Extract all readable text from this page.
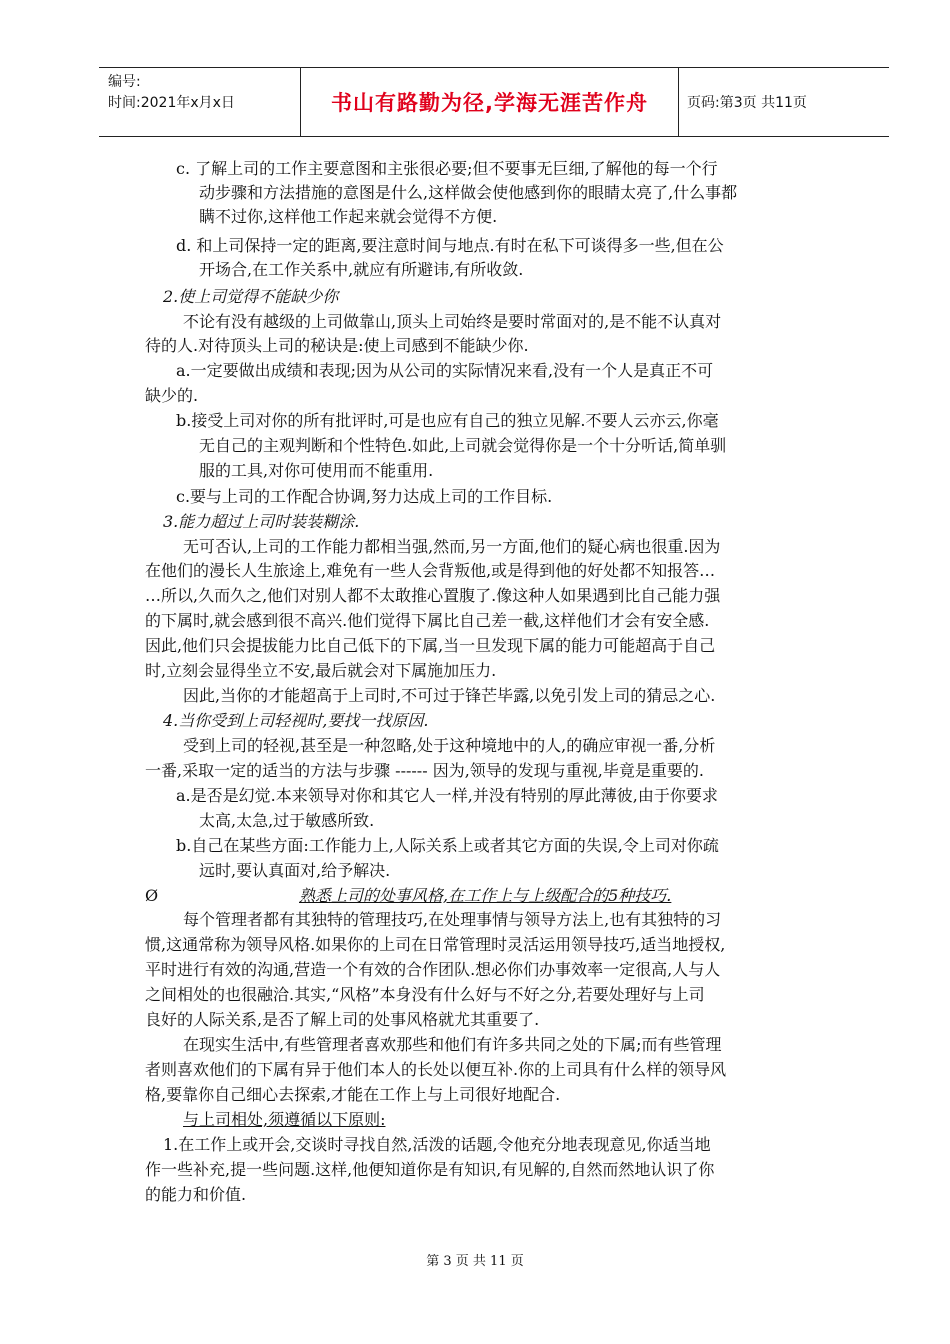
编号:
时间:2021年x月x日	书山有路勤为径,学海无涯苦作舟	页码:第3页 共11页
c. 了解上司的工作主要意图和主张很必要;但不要事无巨细,了解他的每一个行
动步骤和方法措施的意图是什么,这样做会使他感到你的眼睛太亮了,什么事都
瞒不过你,这样他工作起来就会觉得不方便.
d. 和上司保持一定的距离,要注意时间与地点.有时在私下可谈得多一些,但在公
开场合,在工作关系中,就应有所避讳,有所收敛.
2.使上司觉得不能缺少你
不论有没有越级的上司做靠山,顶头上司始终是要时常面对的,是不能不认真对
待的人.对待顶头上司的秘诀是:使上司感到不能缺少你.
a.一定要做出成绩和表现;因为从公司的实际情况来看,没有一个人是真正不可
缺少的.
b.接受上司对你的所有批评时,可是也应有自己的独立见解.不要人云亦云,你毫
无自己的主观判断和个性特色.如此,上司就会觉得你是一个十分听话,简单驯
服的工具,对你可使用而不能重用.
c.要与上司的工作配合协调,努力达成上司的工作目标.
3.能力超过上司时装装糊涂.
无可否认,上司的工作能力都相当强,然而,另一方面,他们的疑心病也很重.因为
在他们的漫长人生旅途上,难免有一些人会背叛他,或是得到他的好处都不知报答…
…所以,久而久之,他们对别人都不太敢推心置腹了.像这种人如果遇到比自己能力强
的下属时,就会感到很不高兴.他们觉得下属比自己差一截,这样他们才会有安全感.
因此,他们只会提拔能力比自己低下的下属,当一旦发现下属的能力可能超高于自己
时,立刻会显得坐立不安,最后就会对下属施加压力.
因此,当你的才能超高于上司时,不可过于锋芒毕露,以免引发上司的猜忌之心.
4.当你受到上司轻视时,要找一找原因.
受到上司的轻视,甚至是一种忽略,处于这种境地中的人,的确应审视一番,分析
一番,采取一定的适当的方法与步骤 ------ 因为,领导的发现与重视,毕竟是重要的.
a.是否是幻觉.本来领导对你和其它人一样,并没有特别的厚此薄彼,由于你要求
太高,太急,过于敏感所致.
b.自己在某些方面:工作能力上,人际关系上或者其它方面的失误,令上司对你疏
远时,要认真面对,给予解决.
Ø	熟悉上司的处事风格,在工作上与上级配合的5种技巧.
每个管理者都有其独特的管理技巧,在处理事情与领导方法上,也有其独特的习
惯,这通常称为领导风格.如果你的上司在日常管理时灵活运用领导技巧,适当地授权,
平时进行有效的沟通,营造一个有效的合作团队.想必你们办事效率一定很高,人与人
之间相处的也很融洽.其实,“风格”本身没有什么好与不好之分,若要处理好与上司
良好的人际关系,是否了解上司的处事风格就尤其重要了.
在现实生活中,有些管理者喜欢那些和他们有许多共同之处的下属;而有些管理
者则喜欢他们的下属有异于他们本人的长处以便互补.你的上司具有什么样的领导风
格,要靠你自己细心去探索,才能在工作上与上司很好地配合.
与上司相处,须遵循以下原则:
1.在工作上或开会,交谈时寻找自然,活泼的话题,令他充分地表现意见,你适当地
作一些补充,提一些问题.这样,他便知道你是有知识,有见解的,自然而然地认识了你
的能力和价值.
第 3 页 共 11 页
